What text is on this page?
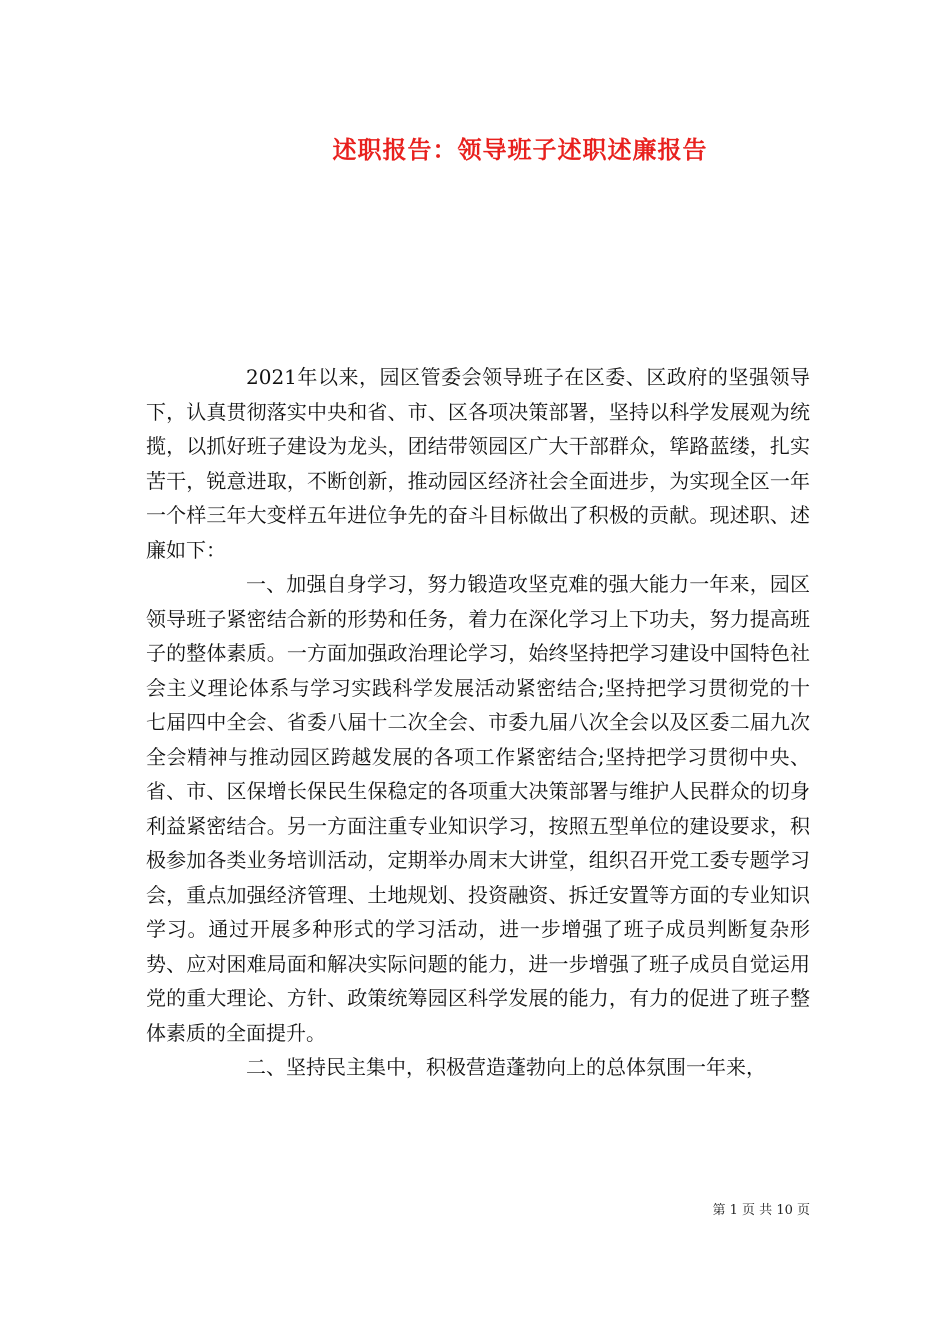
述职报告：领导班子述职述廉报告

2021年以来，园区管委会领导班子在区委、区政府的坚强领导下，认真贯彻落实中央和省、市、区各项决策部署，坚持以科学发展观为统揽，以抓好班子建设为龙头，团结带领园区广大干部群众，筚路蓝缕，扎实苦干，锐意进取，不断创新，推动园区经济社会全面进步，为实现全区一年一个样三年大变样五年进位争先的奋斗目标做出了积极的贡献。现述职、述廉如下：

一、加强自身学习，努力锻造攻坚克难的强大能力一年来，园区领导班子紧密结合新的形势和任务，着力在深化学习上下功夫，努力提高班子的整体素质。一方面加强政治理论学习，始终坚持把学习建设中国特色社会主义理论体系与学习实践科学发展活动紧密结合;坚持把学习贯彻党的十七届四中全会、省委八届十二次全会、市委九届八次全会以及区委二届九次全会精神与推动园区跨越发展的各项工作紧密结合;坚持把学习贯彻中央、省、市、区保增长保民生保稳定的各项重大决策部署与维护人民群众的切身利益紧密结合。另一方面注重专业知识学习，按照五型单位的建设要求，积极参加各类业务培训活动，定期举办周末大讲堂，组织召开党工委专题学习会，重点加强经济管理、土地规划、投资融资、拆迁安置等方面的专业知识学习。通过开展多种形式的学习活动，进一步增强了班子成员判断复杂形势、应对困难局面和解决实际问题的能力，进一步增强了班子成员自觉运用党的重大理论、方针、政策统筹园区科学发展的能力，有力的促进了班子整体素质的全面提升。

二、坚持民主集中，积极营造蓬勃向上的总体氛围一年来，

第 1 页 共 10 页
